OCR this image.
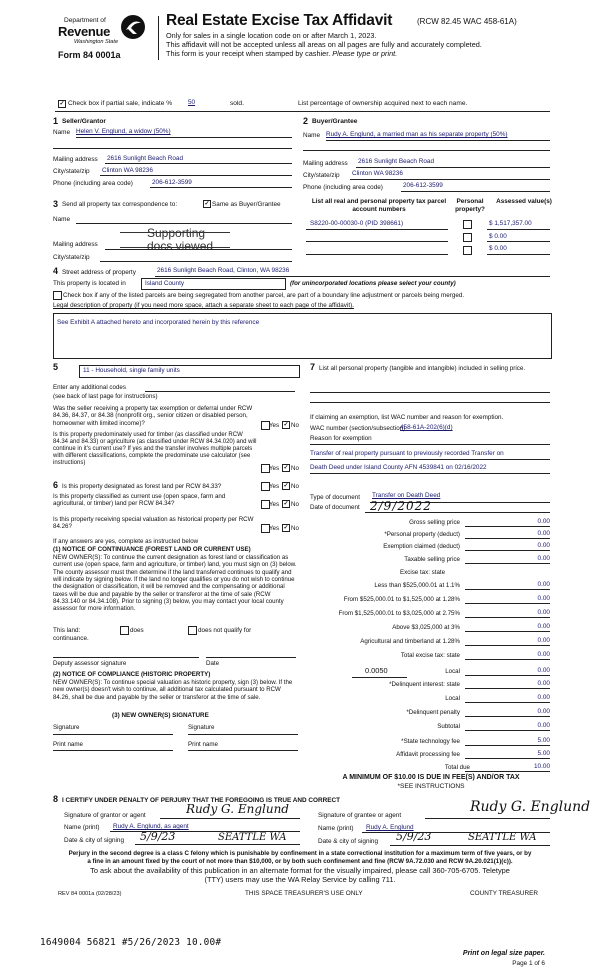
Department of
Revenue
Washington State
Form 84 0001a
Real Estate Excise Tax Affidavit	(RCW 82.45 WAC 458-61A)
Only for sales in a single location code on or after March 1, 2023.
This affidavit will not be accepted unless all areas on all pages are fully and accurately completed.
This form is your receipt when stamped by cashier. Please type or print.
✓ Check box if partial sale, indicate % 50	sold.	List percentage of ownership acquired next to each name.
1 Seller/Grantor
Name Helen V. Englund, a widow (50%)
Mailing address 2616 Sunlight Beach Road
City/state/zip Clinton WA 98236
Phone (including area code)	206-612-3599
2 Buyer/Grantee
Name Rudy A. Englund, a married man as his separate property (50%)
Mailing address 2616 Sunlight Beach Road
City/state/zip Clinton WA 98236
Phone (including area code)	206-612-3599
3 Send all property tax correspondence to:	✓ Same as Buyer/Grantee
Name
Supporting
docs viewed
Mailing address
City/state/zip
List all real and personal property tax parcel account numbers
Personal property?
Assessed value(s)
S8220-00-00030-0 (PID 398661)	$ 1,517,357.00
$ 0.00
$ 0.00
4 Street address of property	2616 Sunlight Beach Road, Clinton, WA 98236
This property is located in	Island County	(for unincorporated locations please select your county)
Check box if any of the listed parcels are being segregated from another parcel, are part of a boundary line adjustment or parcels being merged.
Legal description of property (if you need more space, attach a separate sheet to each page of the affidavit).
See Exhibit A attached hereto and incorporated herein by this reference
5	11 - Household, single family units
Enter any additional codes
(see back of last page for instructions)
Was the seller receiving a property tax exemption or deferral under RCW 84.36, 84.37, or 84.38 (nonprofit org., senior citizen or disabled person, homeowner with limited income)?	Yes ✓ No
Is this property predominately used for timber (as classified under RCW 84.34 and 84.33) or agriculture (as classified under RCW 84.34.020) and will continue in it's current use? If yes and the transfer involves multiple parcels with different classifications, complete the predominate use calculator (see instructions)
Yes ✓ No
6 Is this property designated as forest land per RCW 84.33?	Yes ✓ No
Is this property classified as current use (open space, farm and agricultural, or timber) land per RCW 84.34?	Yes ✓ No
Is this property receiving special valuation as historical property per RCW 84.26?	Yes ✓ No
If any answers are yes, complete as instructed below
(1) NOTICE OF CONTINUANCE (FOREST LAND OR CURRENT USE)
NEW OWNER(S): To continue the current designation as forest land or classification as current use (open space, farm and agriculture, or timber) land, you must sign on (3) below. The county assessor must then determine if the land transferred continues to qualify and will indicate by signing below. If the land no longer qualifies or you do not wish to continue the designation or classification, it will be removed and the compensating or additional taxes will be due and payable by the seller or transferor at the time of sale (RCW 84.33.140 or 84.34.108). Prior to signing (3) below, you may contact your local county assessor for more information.
This land:
continuance.
does	does not qualify for
Deputy assessor signature	Date
(2) NOTICE OF COMPLIANCE (HISTORIC PROPERTY)
NEW OWNER(S): To continue special valuation as historic property, sign (3) below. If the new owner(s) doesn't wish to continue, all additional tax calculated pursuant to RCW 84.26, shall be due and payable by the seller or transferor at the time of sale.
(3) NEW OWNER(S) SIGNATURE
Signature	Signature
Print name	Print name
7 List all personal property (tangible and intangible) included in selling price.
If claiming an exemption, list WAC number and reason for exemption.
WAC number (section/subsection)
458-61A-202(6)(d)
Reason for exemption
Transfer of real property pursuant to previously recorded Transfer on
Death Deed under Island County AFN 4539841 on 02/16/2022
Type of document Transfer on Death Deed
Date of document 2/9/2022
Gross selling price	0.00
*Personal property (deduct)	0.00
Exemption claimed (deduct)	0.00
Taxable selling price	0.00
Excise tax: state
Less than $525,000.01 at 1.1%	0.00
From $525,000.01 to $1,525,000 at 1.28%	0.00
From $1,525,000.01 to $3,025,000 at 2.75%	0.00
Above $3,025,000 at 3%	0.00
Agricultural and timberland at 1.28%	0.00
Total excise tax: state	0.00
0.0050	Local	0.00
*Delinquent interest: state	0.00
Local	0.00
*Delinquent penalty	0.00
Subtotal	0.00
*State technology fee	5.00
Affidavit processing fee	5.00
Total due	10.00
A MINIMUM OF $10.00 IS DUE IN FEE(S) AND/OR TAX
*SEE INSTRUCTIONS
8 I CERTIFY UNDER PENALTY OF PERJURY THAT THE FOREGOING IS TRUE AND CORRECT
Signature of grantor or agent	Rudy G. Englund
Name (print) Rudy A. Englund, as agent
Date & city of signing 5/9/23	SEATTLE WA
Signature of grantee or agent
Rudy G. Englund
Name (print) Rudy A. Englund
Date & city of signing 5/9/23	SEATTLE WA
Perjury in the second degree is a class C felony which is punishable by confinement in a state correctional institution for a maximum term of five years, or by
a fine in an amount fixed by the court of not more than $10,000, or by both such confinement and fine (RCW 9A.72.030 and RCW 9A.20.021(1)(c)).
To ask about the availability of this publication in an alternate format for the visually impaired, please call 360-705-6705. Teletype
(TTY) users may use the WA Relay Service by calling 711.
REV 84 0001a (02/28/23)	THIS SPACE TREASURER'S USE ONLY	COUNTY TREASURER
1649004 56821 #5/26/2023 10.00#
Print on legal size paper.
Page 1 of 6
